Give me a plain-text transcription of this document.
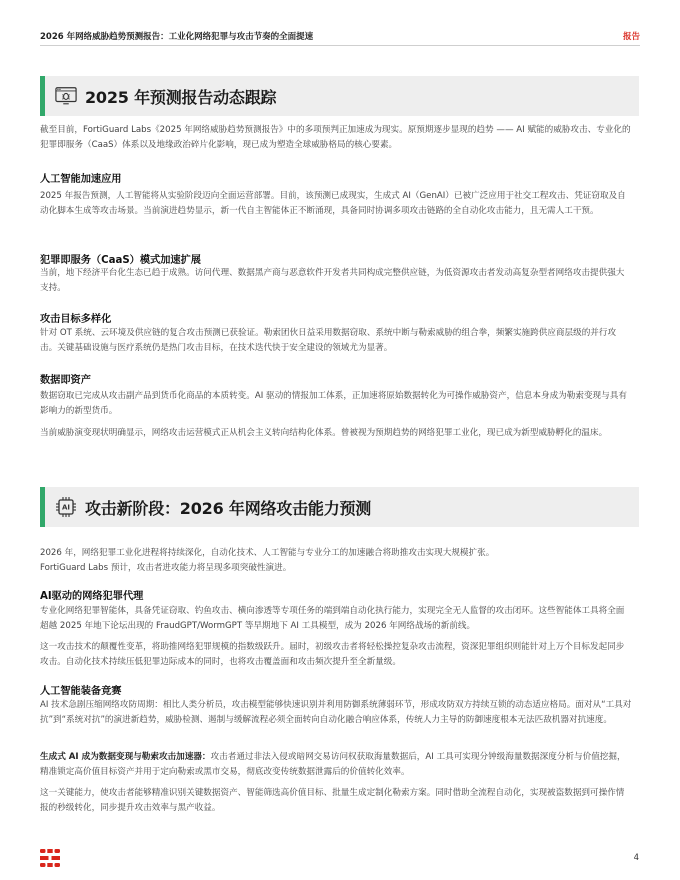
2026 年网络威胁趋势预测报告：工业化网络犯罪与攻击节奏的全面提速	报告
2025 年预测报告动态跟踪
截至目前，FortiGuard Labs《2025 年网络威胁趋势预测报告》中的多项预判正加速成为现实。原预期逐步显现的趋势 —— AI 赋能的威胁攻击、专业化的犯罪即服务（CaaS）体系以及地缘政治碎片化影响，现已成为塑造全球威胁格局的核心要素。
人工智能加速应用
2025 年报告预测，人工智能将从实验阶段迈向全面运营部署。目前，该预测已成现实，生成式 AI（GenAI）已被广泛应用于社交工程攻击、凭证窃取及自动化脚本生成等攻击场景。当前演进趋势显示，新一代自主智能体正不断涌现，具备同时协调多项攻击链路的全自动化攻击能力，且无需人工干预。
犯罪即服务（CaaS）模式加速扩展
当前，地下经济平台化生态已趋于成熟。访问代理、数据黑产商与恶意软件开发者共同构成完整供应链，为低资源攻击者发动高复杂型者网络攻击提供强大支持。
攻击目标多样化
针对 OT 系统、云环境及供应链的复合攻击预测已获验证。勒索团伙日益采用数据窃取、系统中断与勒索威胁的组合拳，频繁实施跨供应商层级的并行攻击。关键基础设施与医疗系统仍是热门攻击目标，在技术迭代快于安全建设的领域尤为显著。
数据即资产
数据窃取已完成从攻击副产品到货币化商品的本质转变。AI 驱动的情报加工体系，正加速将原始数据转化为可操作威胁资产，信息本身成为勒索变现与具有影响力的新型货币。
当前威胁演变现状明确显示，网络攻击运营模式正从机会主义转向结构化体系。曾被视为预期趋势的网络犯罪工业化，现已成为新型威胁孵化的温床。
AI 攻击新阶段：2026 年网络攻击能力预测
2026 年，网络犯罪工业化进程将持续深化，自动化技术、人工智能与专业分工的加速融合将助推攻击实现大规模扩张。
FortiGuard Labs 预计，攻击者进攻能力将呈现多项突破性演进。
AI驱动的网络犯罪代理
专业化网络犯罪智能体，具备凭证窃取、钓鱼攻击、横向渗透等专项任务的端到端自动化执行能力，实现完全无人监督的攻击闭环。这些智能体工具将全面超越 2025 年地下论坛出现的 FraudGPT/WormGPT 等早期地下 AI 工具模型，成为 2026 年网络战场的新前线。
这一攻击技术的颠覆性变革，将助推网络犯罪规模的指数级跃升。届时，初级攻击者将轻松操控复杂攻击流程，资深犯罪组织则能针对上万个目标发起同步攻击。自动化技术持续压低犯罪边际成本的同时，也将攻击覆盖面和攻击频次提升至全新量级。
人工智能装备竞赛
AI 技术急剧压缩网络攻防周期：相比人类分析员，攻击模型能够快速识别并利用防御系统薄弱环节，形成攻防双方持续互锁的动态适应格局。面对从“工具对抗”到“系统对抗”的演进新趋势，威胁检测、遏制与缓解流程必须全面转向自动化融合响应体系，传统人力主导的防御速度根本无法匹敌机器对抗速度。
生成式 AI 成为数据变现与勒索攻击加速器：攻击者通过非法入侵或暗网交易访问权获取海量数据后，AI 工具可实现分钟级海量数据深度分析与价值挖掘，精准锁定高价值目标资产并用于定向勒索或黑市交易，彻底改变传统数据泄露后的价值转化效率。
这一关键能力，使攻击者能够精准识别关键数据资产、智能筛选高价值目标、批量生成定制化勒索方案。同时借助全流程自动化，实现被盗数据到可操作情报的秒级转化，同步提升攻击效率与黑产收益。
4
